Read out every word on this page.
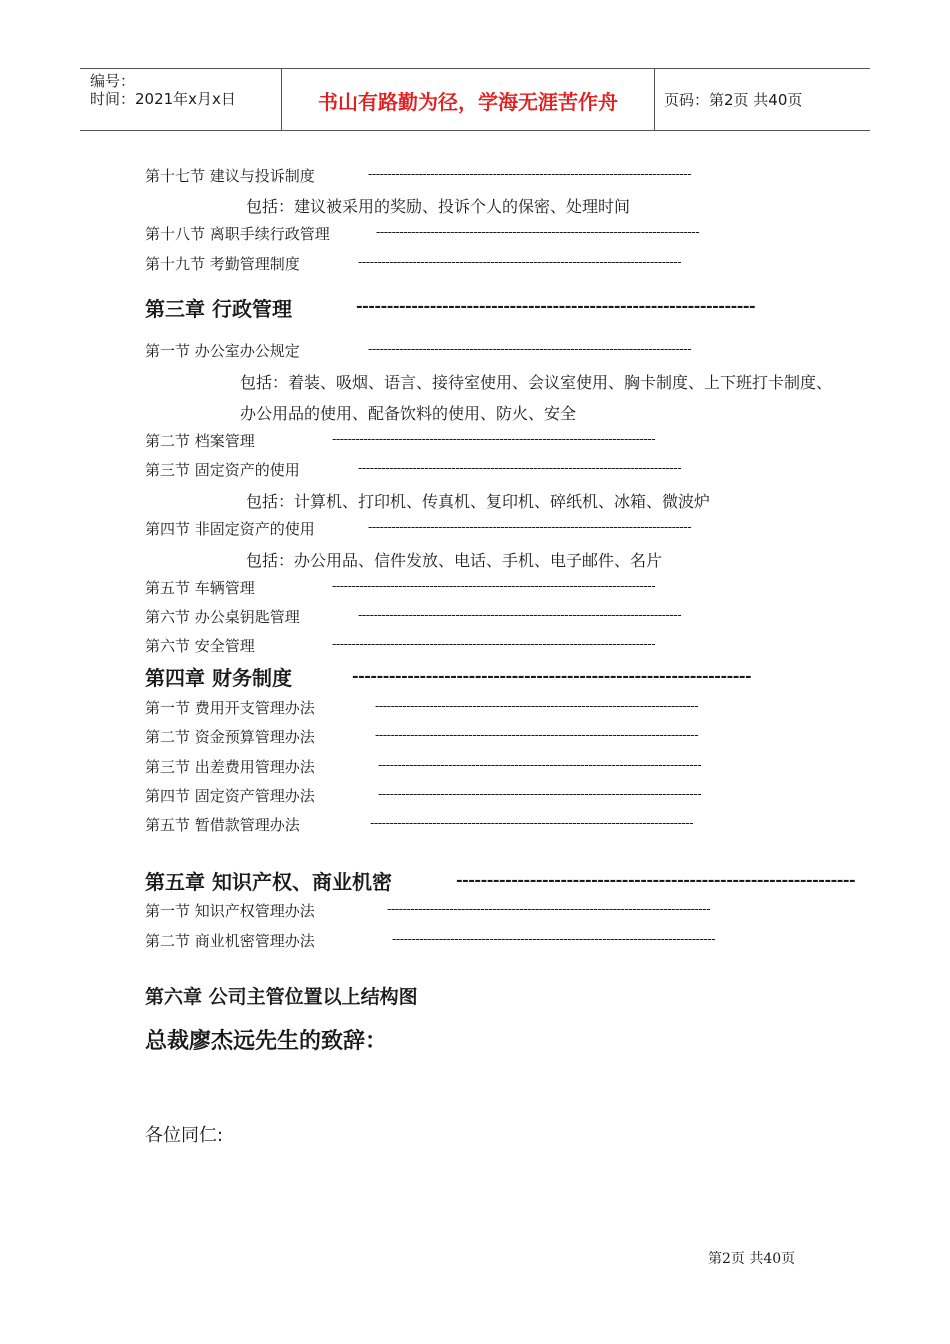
编号：
时间：2021年x月x日	书山有路勤为径，学海无涯苦作舟	页码：第2页 共40页
第十七节 建议与投诉制度	-----------------------------------------------------------------------------------
包括：建议被采用的奖励、投诉个人的保密、处理时间
第十八节 离职手续行政管理	-----------------------------------------------------------------------------------
第十九节 考勤管理制度	-----------------------------------------------------------------------------------
第三章 行政管理	-----------------------------------------------------------------
第一节 办公室办公规定	-----------------------------------------------------------------------------------
包括：着装、吸烟、语言、接待室使用、会议室使用、胸卡制度、上下班打卡制度、
办公用品的使用、配备饮料的使用、防火、安全
第二节 档案管理	-----------------------------------------------------------------------------------
第三节 固定资产的使用	-----------------------------------------------------------------------------------
包括：计算机、打印机、传真机、复印机、碎纸机、冰箱、微波炉
第四节 非固定资产的使用	-----------------------------------------------------------------------------------
包括：办公用品、信件发放、电话、手机、电子邮件、名片
第五节 车辆管理	-----------------------------------------------------------------------------------
第六节 办公桌钥匙管理	-----------------------------------------------------------------------------------
第六节 安全管理	-----------------------------------------------------------------------------------
第四章 财务制度	-----------------------------------------------------------------
第一节 费用开支管理办法	-----------------------------------------------------------------------------------
第二节 资金预算管理办法	-----------------------------------------------------------------------------------
第三节 出差费用管理办法	-----------------------------------------------------------------------------------
第四节 固定资产管理办法	-----------------------------------------------------------------------------------
第五节 暂借款管理办法	-----------------------------------------------------------------------------------
第五章 知识产权、商业机密	-----------------------------------------------------------------
第一节 知识产权管理办法	-----------------------------------------------------------------------------------
第二节 商业机密管理办法	-----------------------------------------------------------------------------------
第六章 公司主管位置以上结构图
总裁廖杰远先生的致辞：
各位同仁:
第2页 共40页
